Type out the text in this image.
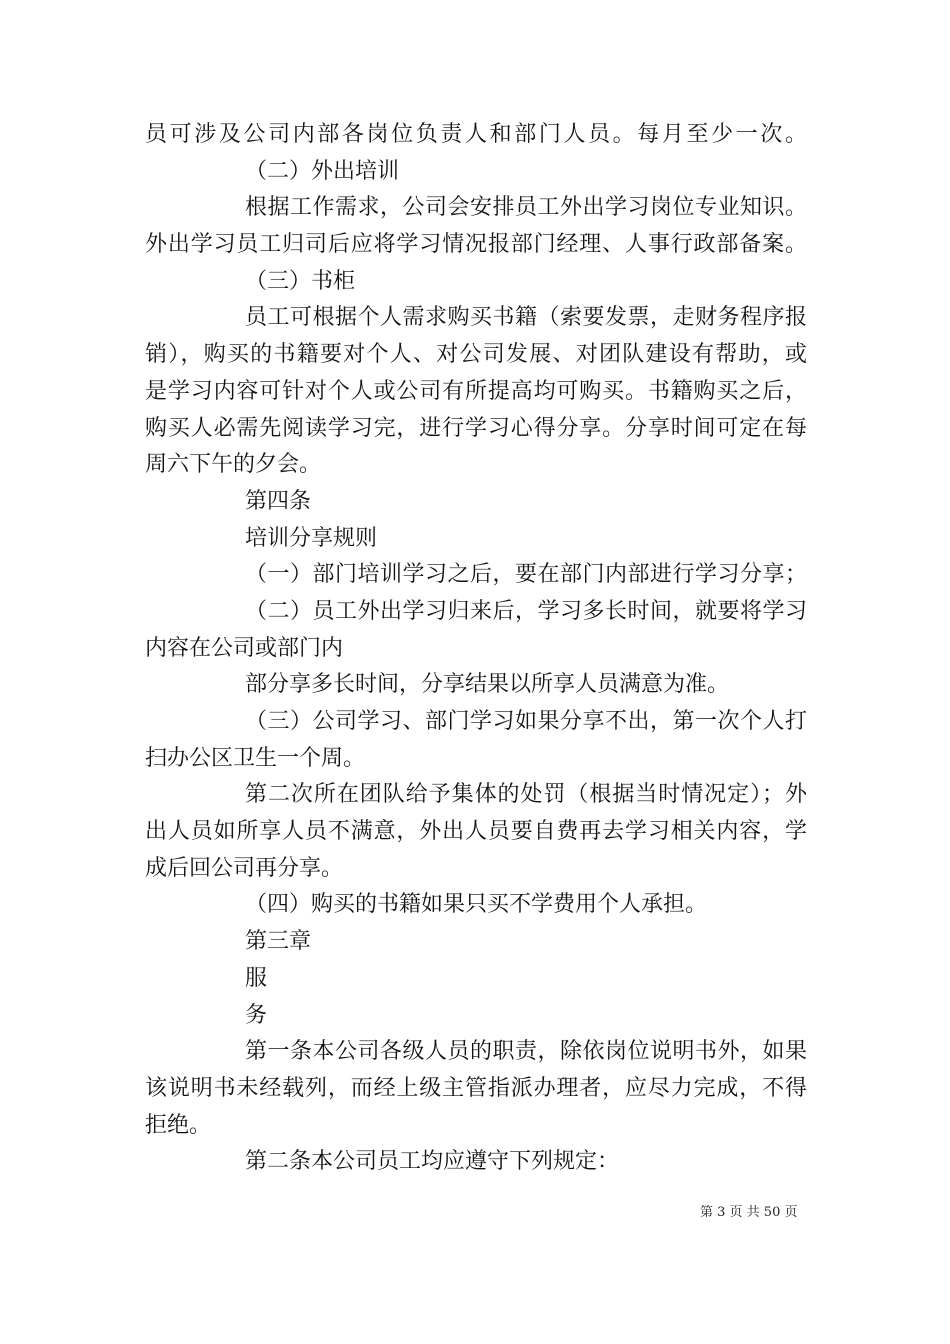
员可涉及公司内部各岗位负责人和部门人员。每月至少一次。
（二）外出培训
根据工作需求，公司会安排员工外出学习岗位专业知识。
外出学习员工归司后应将学习情况报部门经理、人事行政部备案。
（三）书柜
员工可根据个人需求购买书籍（索要发票，走财务程序报
销），购买的书籍要对个人、对公司发展、对团队建设有帮助，或
是学习内容可针对个人或公司有所提高均可购买。书籍购买之后，
购买人必需先阅读学习完，进行学习心得分享。分享时间可定在每
周六下午的夕会。
第四条
培训分享规则
（一）部门培训学习之后，要在部门内部进行学习分享；
（二）员工外出学习归来后，学习多长时间，就要将学习
内容在公司或部门内
部分享多长时间，分享结果以所享人员满意为准。
（三）公司学习、部门学习如果分享不出，第一次个人打
扫办公区卫生一个周。
第二次所在团队给予集体的处罚（根据当时情况定）；外
出人员如所享人员不满意，外出人员要自费再去学习相关内容，学
成后回公司再分享。
（四）购买的书籍如果只买不学费用个人承担。
第三章
服
务
第一条本公司各级人员的职责，除依岗位说明书外，如果
该说明书未经载列，而经上级主管指派办理者，应尽力完成，不得
拒绝。
第二条本公司员工均应遵守下列规定：
第 3 页 共 50 页
